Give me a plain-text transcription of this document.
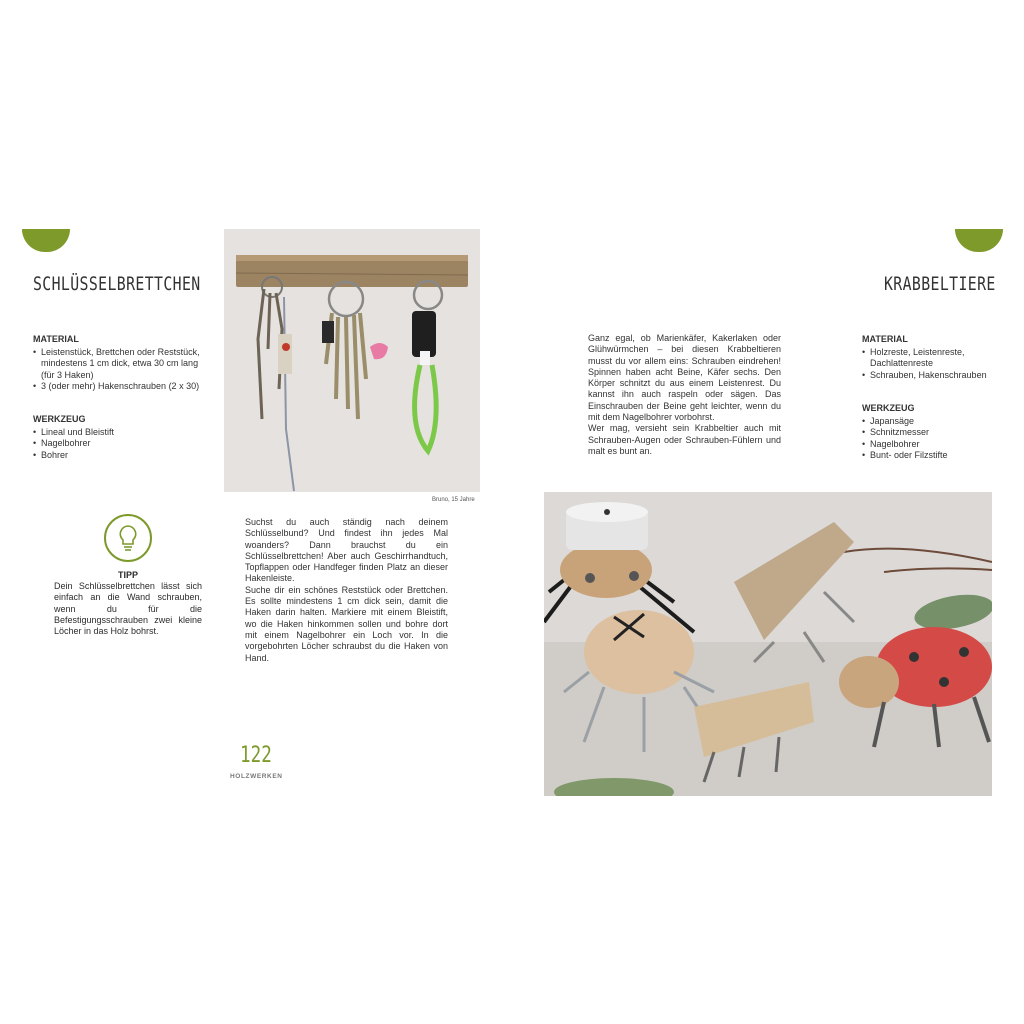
SCHLÜSSELBRETTCHEN
MATERIAL
• Leistenstück, Brettchen oder Reststück, mindestens 1 cm dick, etwa 30 cm lang (für 3 Haken)
• 3 (oder mehr) Hakenschrauben (2 x 30)
WERKZEUG
• Lineal und Bleistift
• Nagelbohrer
• Bohrer
Bruno, 15 Jahre
TIPP
Dein Schlüsselbrettchen lässt sich einfach an die Wand schrauben, wenn du für die Befestigungsschrauben zwei kleine Löcher in das Holz bohrst.

Suchst du auch ständig nach deinem Schlüsselbund? Und findest ihn jedes Mal woanders? Dann brauchst du ein Schlüsselbrettchen! Aber auch Geschirrhandtuch, Topflappen oder Handfeger finden Platz an dieser Hakenleiste.

Suche dir ein schönes Reststück oder Brettchen. Es sollte mindestens 1 cm dick sein, damit die Haken darin halten. Markiere mit einem Bleistift, wo die Haken hinkommen sollen und bohre dort mit einem Nagelbohrer ein Loch vor. In die vorgebohrten Löcher schraubst du die Haken von Hand.

122
HOLZWERKEN
KRABBELTIERE

Ganz egal, ob Marienkäfer, Kakerlaken oder Glühwürmchen – bei diesen Krabbeltieren musst du vor allem eins: Schrauben eindrehen! Spinnen haben acht Beine, Käfer sechs. Den Körper schnitzt du aus einem Leistenrest. Du kannst ihn auch raspeln oder sägen. Das Einschrauben der Beine geht leichter, wenn du mit dem Nagelbohrer vorbohrst.

Wer mag, versieht sein Krabbeltier auch mit Schrauben-Augen oder Schrauben-Fühlern und malt es bunt an.

MATERIAL
• Holzreste, Leistenreste, Dachlattenreste
• Schrauben, Hakenschrauben
WERKZEUG
• Japansäge
• Schnitzmesser
• Nagelbohrer
• Bunt- oder Filzstifte
